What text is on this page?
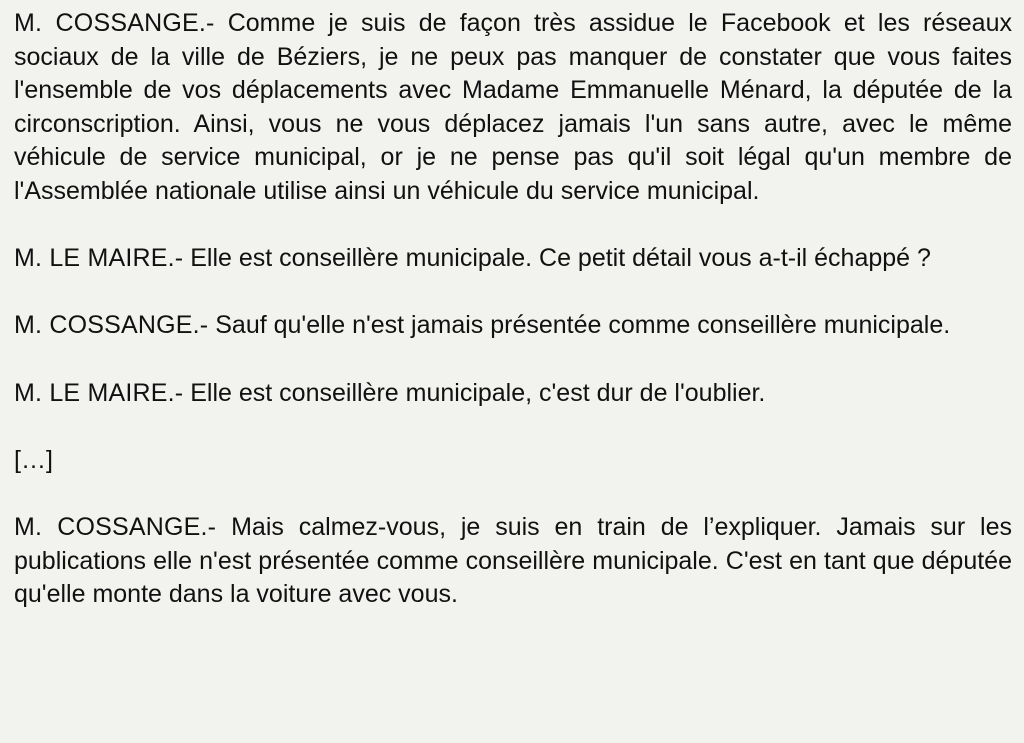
M. COSSANGE.- Comme je suis de façon très assidue le Facebook et les réseaux sociaux de la ville de Béziers, je ne peux pas manquer de constater que vous faites l'ensemble de vos déplacements avec Madame Emmanuelle Ménard, la députée de la circonscription. Ainsi, vous ne vous déplacez jamais l'un sans autre, avec le même véhicule de service municipal, or je ne pense pas qu'il soit légal qu'un membre de l'Assemblée nationale utilise ainsi un véhicule du service municipal.

M. LE MAIRE.- Elle est conseillère municipale. Ce petit détail vous a-t-il échappé ?

M. COSSANGE.- Sauf qu'elle n'est jamais présentée comme conseillère municipale.

M. LE MAIRE.- Elle est conseillère municipale, c'est dur de l'oublier.

[…]

M. COSSANGE.- Mais calmez-vous, je suis en train de l’expliquer. Jamais sur les publications elle n'est présentée comme conseillère municipale. C'est en tant que députée qu'elle monte dans la voiture avec vous.
